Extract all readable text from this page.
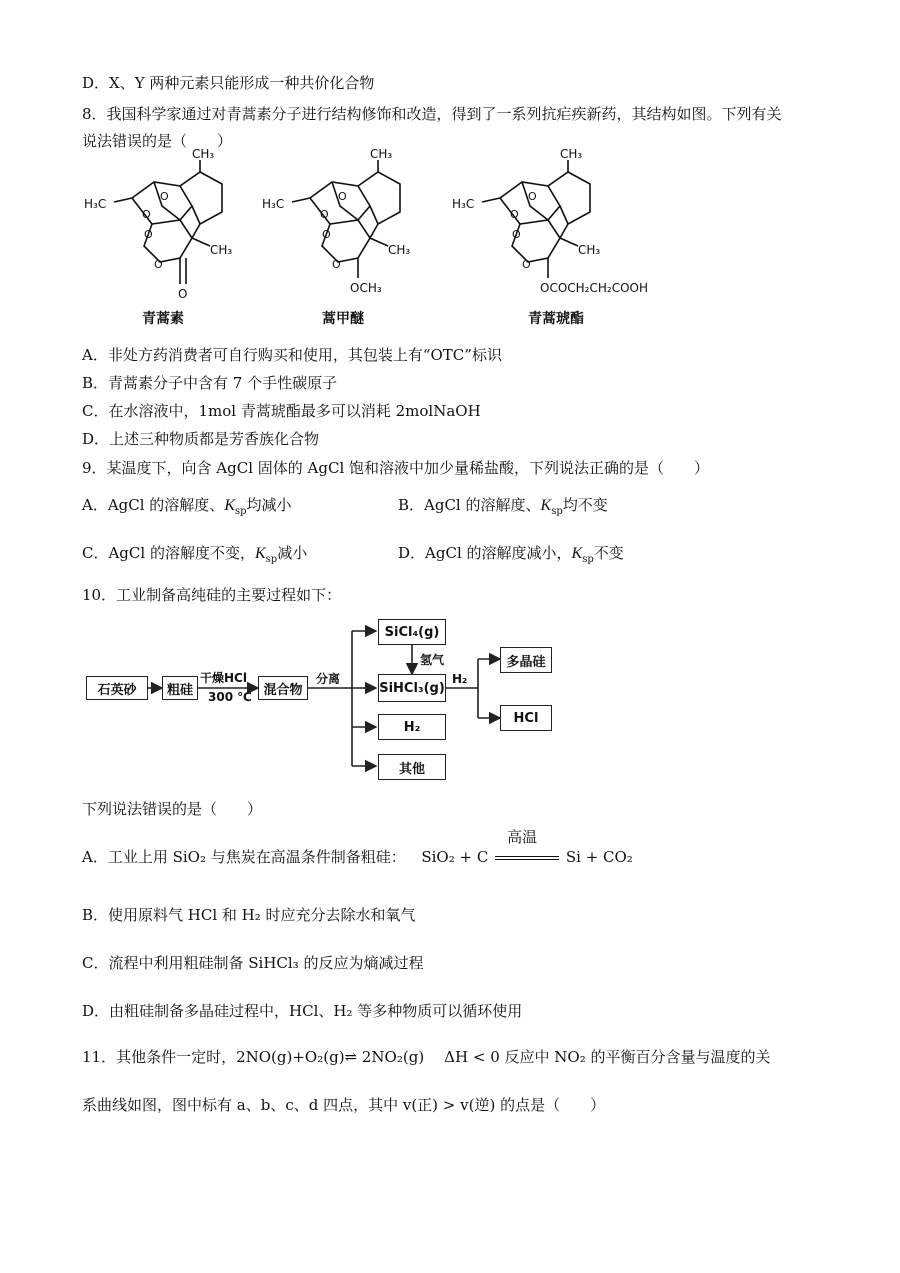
D．X、Y 两种元素只能形成一种共价化合物
8．我国科学家通过对青蒿素分子进行结构修饰和改造，得到了一系列抗疟疾新药，其结构如图。下列有关
说法错误的是（　　）
CH₃
H₃C
CH₃
O
O
O
O
O
青蒿素
CH₃
H₃C
CH₃
O
O
O
O
OCH₃
蒿甲醚
CH₃
H₃C
CH₃
O
O
O
O
OCOCH₂CH₂COOH
青蒿琥酯
A．非处方药消费者可自行购买和使用，其包装上有“OTC”标识
B．青蒿素分子中含有 7 个手性碳原子
C．在水溶液中，1mol 青蒿琥酯最多可以消耗 2molNaOH
D．上述三种物质都是芳香族化合物
9．某温度下，向含 AgCl 固体的 AgCl 饱和溶液中加少量稀盐酸，下列说法正确的是（　　）
A．AgCl 的溶解度、$K_{sp}$均减小	B．AgCl 的溶解度、$K_{sp}$均不变
C．AgCl 的溶解度不变，$K_{sp}$减小	D．AgCl 的溶解度减小，$K_{sp}$不变
10．工业制备高纯硅的主要过程如下：
石英砂	粗硅
干燥HCl
300 ℃ 混合物
分离
SiCl₄(g)
氢气
SiHCl₃(g)
H₂
其他
H₂
多晶硅
HCl
下列说法错误的是（　　）
A．工业上用 SiO₂ 与焦炭在高温条件制备粗硅： SiO₂ + C
高温
Si + CO₂
B．使用原料气 HCl 和 H₂ 时应充分去除水和氧气
C．流程中利用粗硅制备 SiHCl₃ 的反应为熵减过程
D．由粗硅制备多晶硅过程中，HCl、H₂ 等多种物质可以循环使用
11．其他条件一定时，2NO(g)+O₂(g)⇌ 2NO₂(g) ΔH < 0 反应中 NO₂ 的平衡百分含量与温度的关
系曲线如图，图中标有 a、b、c、d 四点，其中 v(正) > v(逆) 的点是（　　）
